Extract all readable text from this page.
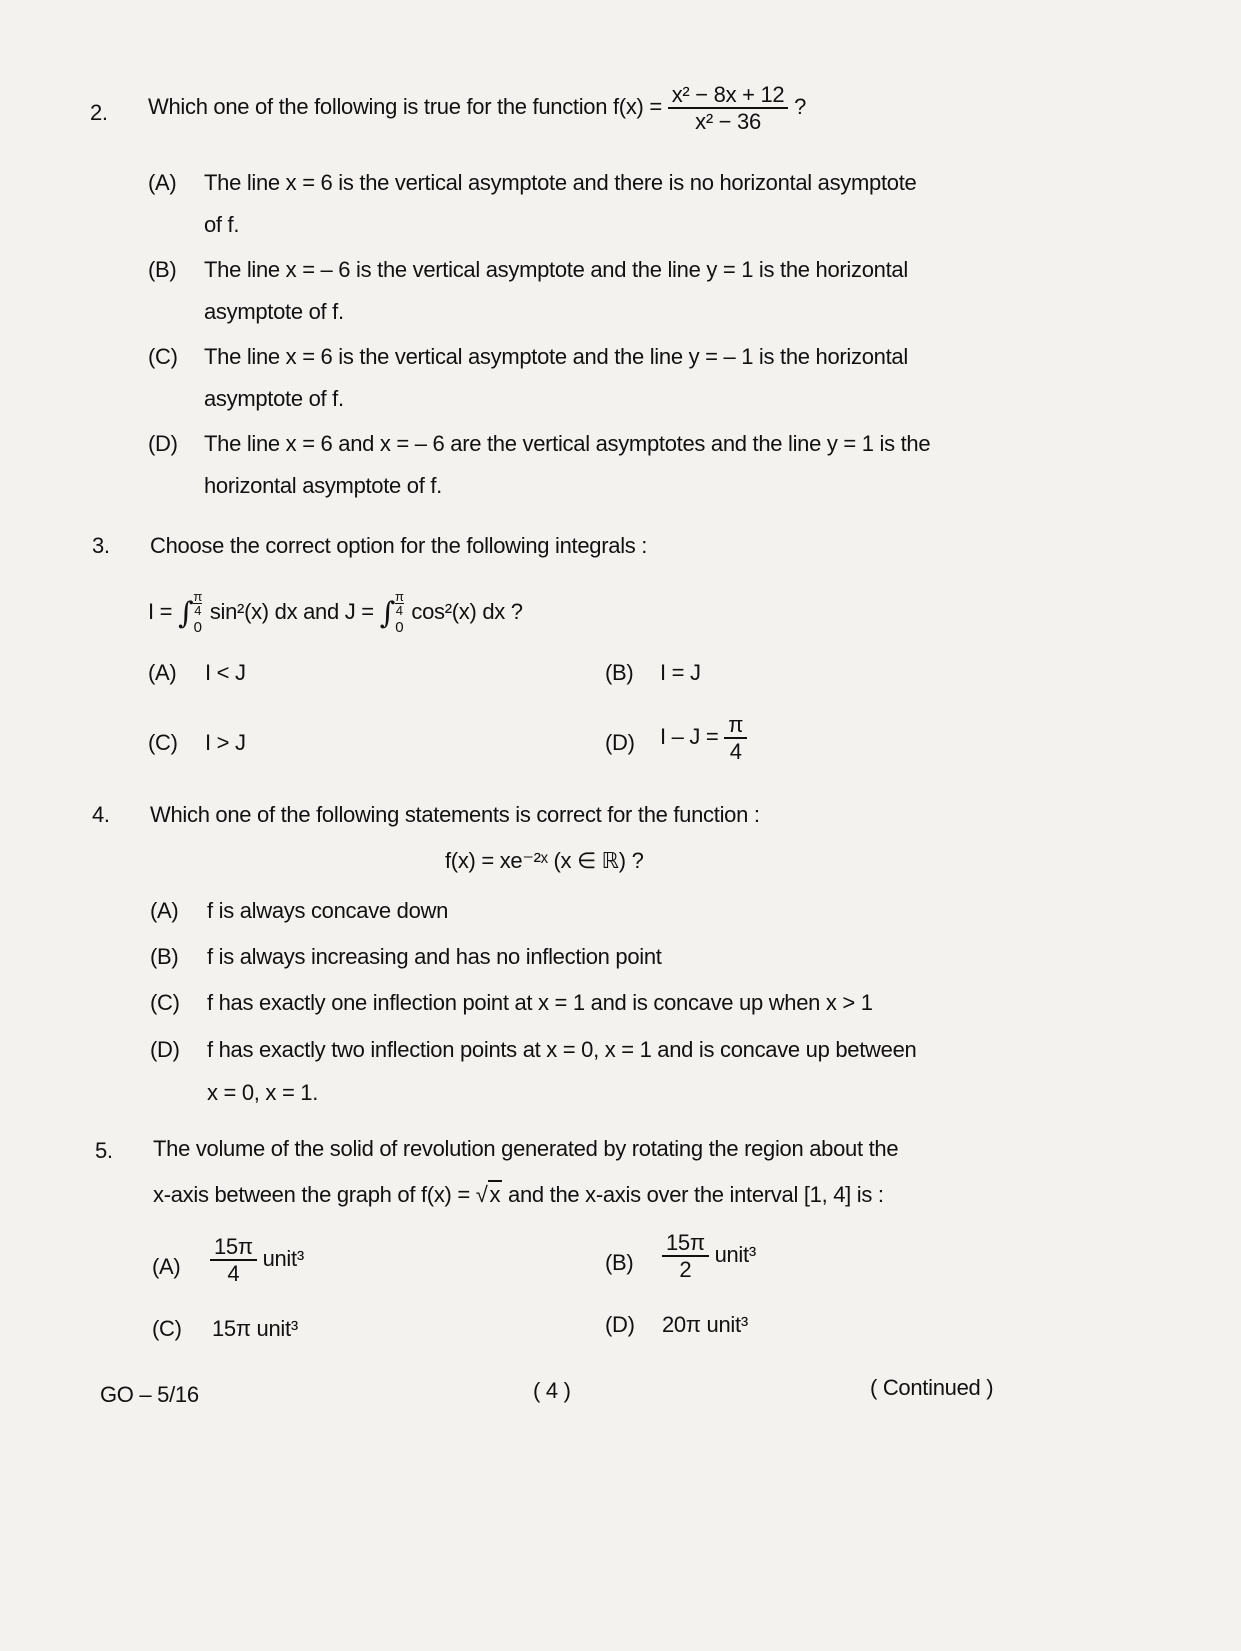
2. Which one of the following is true for the function $f(x) = \frac{\text{x² − 8x + 12}}{\text{x² − 36}}$ ?
(A) The line x = 6 is the vertical asymptote and there is no horizontal asymptote
of f.
(B) The line x = – 6 is the vertical asymptote and the line y = 1 is the horizontal
asymptote of f.
(C) The line x = 6 is the vertical asymptote and the line y = – 1 is the horizontal
asymptote of f.
(D) The line x = 6 and x = – 6 are the vertical asymptotes and the line y = 1 is the
horizontal asymptote of f.
3. Choose the correct option for the following integrals :
I = ∫ $\frac{\pi}{4}$
0
sin²(x) dx and J = ∫ $\frac{\pi}{4}$
0
cos²(x) dx ?
(A) I < J	(B) I = J
(C) I > J	(D) $I - J = \frac{\pi}{4}$
4. Which one of the following statements is correct for the function :
f(x) = xe⁻²ˣ (x ∈ ℝ) ?
(A) f is always concave down
(B) f is always increasing and has no inflection point
(C) f has exactly one inflection point at x = 1 and is concave up when x > 1
(D) f has exactly two inflection points at x = 0, x = 1 and is concave up between
x = 0, x = 1.
5. The volume of the solid of revolution generated by rotating the region about the
x-axis between the graph of f(x) = √x and the x-axis over the interval [1, 4] is :
$(A) \frac{15\pi}{4}$ unit³	$(B) \frac{15\pi}{2}$ unit³
(C) 15π unit³	(D) 20π unit³
GO – 5/16	( 4 )	( Continued )
